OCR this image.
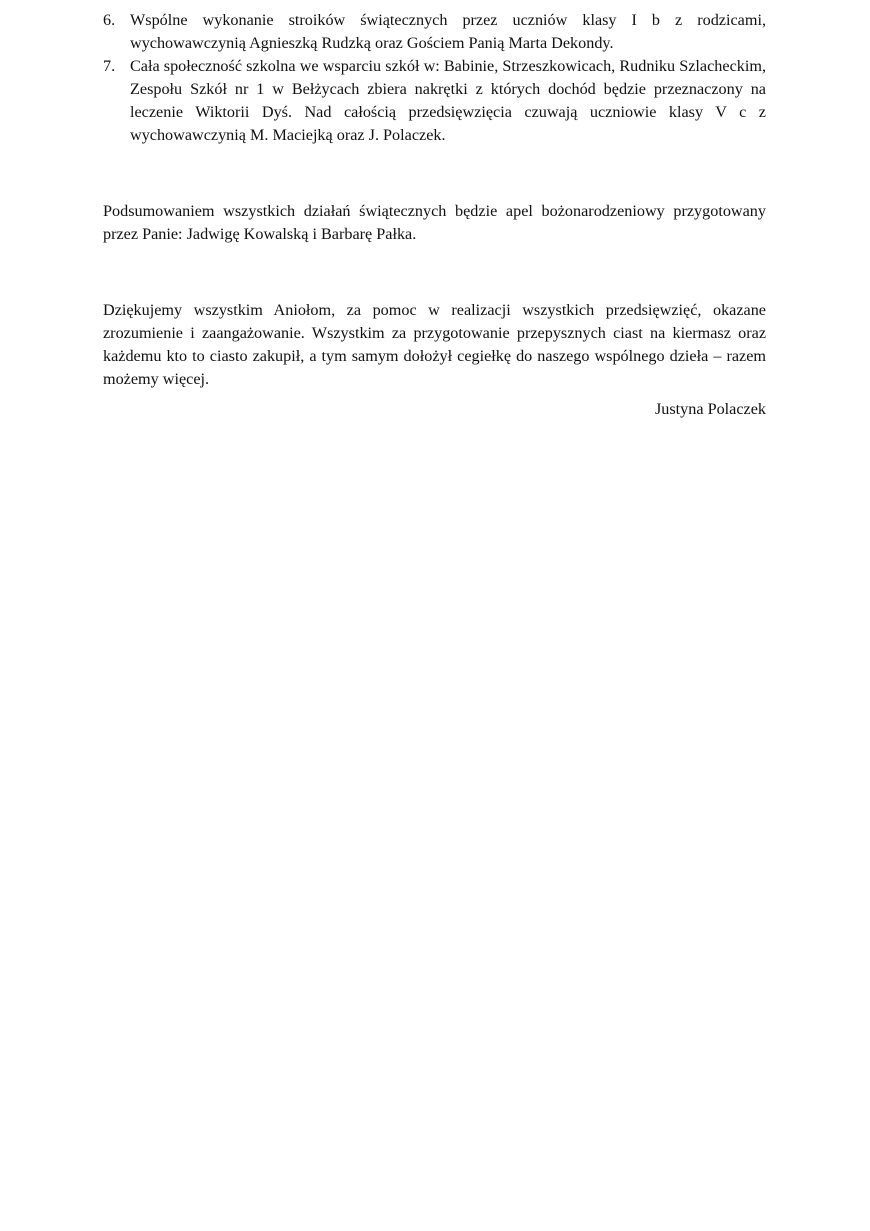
6. Wspólne wykonanie stroików świątecznych przez uczniów klasy I b z rodzicami, wychowawczynią Agnieszką Rudzką oraz Gościem Panią Marta Dekondy.
7. Cała społeczność szkolna we wsparciu szkół w: Babinie, Strzeszkowicach, Rudniku Szlacheckim, Zespołu Szkół nr 1 w Bełżycach zbiera nakrętki z których dochód będzie przeznaczony na leczenie Wiktorii Dyś. Nad całością przedsięwzięcia czuwają uczniowie klasy V c z wychowawczynią M. Maciejką oraz J. Polaczek.

Podsumowaniem wszystkich działań świątecznych będzie apel bożonarodzeniowy przygotowany przez Panie: Jadwigę Kowalską i Barbarę Pałka.

Dziękujemy wszystkim Aniołom, za pomoc w realizacji wszystkich przedsięwzięć, okazane zrozumienie i zaangażowanie. Wszystkim za przygotowanie przepysznych ciast na kiermasz oraz każdemu kto to ciasto zakupił, a tym samym dołożył cegiełkę do naszego wspólnego dzieła – razem możemy więcej.

Justyna Polaczek
